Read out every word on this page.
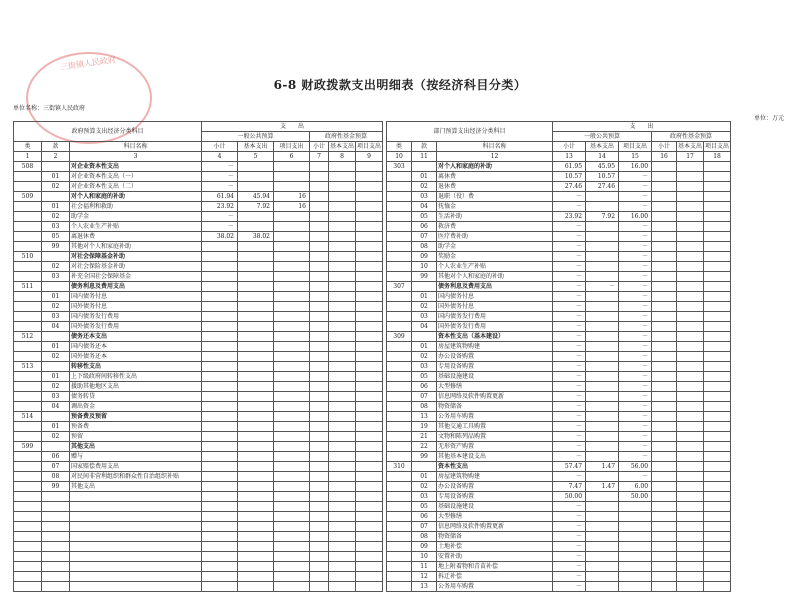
三街镇人民政府
6-8 财政拨款支出明细表（按经济科目分类）
单位名称：三街镇人民政府
单位：万元
政府预算支出经济分类科目			支　　出							部门预算支出经济分类科目			支　　出					
			一般公共预算			政府性基金预算							一般公共预算			政府性基金预算		
类	款	科目名称	小计	基本支出	项目支出	小计	基本支出	项目支出		类	款	科目名称	小计	基本支出	项目支出	小计	基本支出	项目支出
1	2	3	4	5	6	7	8	9		10	11	12	13	14	15	16	17	18
508		对企业资本性支出	－							303		对个人和家庭的补助	61.95	45.95	16.00			
	01	对企业资本性支出（一）	－								01	离休费	10.57	10.57	－			
	02	对企业资本性支出（二）	－								02	退休费	27.46	27.46	－			
509		对个人和家庭的补助	61.94	45.94	16						03	退职（役）费	－		－			
	01	社会福利和救助	23.92	7.92	16						04	抚恤金	－		－			
	02	助学金	－								05	生活补助	23.92	7.92	16.00			
	03	个人农业生产补贴	－								06	救济费	－		－			
	05	离退休费	38.02	38.02							07	医疗费补助	－		－			
	99	其他对个人和家庭补助									08	助学金	－		－			
510		对社会保障基金补助									09	奖励金	－		－			
	02	对社会保险基金补助									10	个人农业生产补贴	－		－			
	03	补充全国社会保障基金									99	其他对个人和家庭的补助	－		－			
511		债务利息及费用支出								307		债务利息及费用支出	－	－	－			
	01	国内债务付息									01	国内债务付息	－		－			
	02	国外债务付息									02	国外债务付息	－		－			
	03	国内债务发行费用									03	国内债务发行费用	－		－			
	04	国外债务发行费用									04	国外债务发行费用	－		－			
512		债务还本支出								309		资本性支出（基本建设）	－		－			
	01	国内债务还本									01	房屋建筑物购建	－		－			
	02	国外债务还本									02	办公设备购置	－		－			
513		转移性支出									03	专用设备购置	－		－			
	01	上下级政府间转移性支出									05	基础设施建设	－		－			
	02	援助其他地区支出									06	大型修缮	－		－			
	03	债务转贷									07	信息网络及软件购置更新	－		－			
	04	调出资金									08	物资储备	－		－			
514		预备费及预留									13	公务用车购置	－		－			
	01	预备费									19	其他交通工具购置	－		－			
	02	预留									21	文物和陈列品购置	－		－			
599		其他支出									22	无形资产购置	－		－			
	06	赠与									99	其他基本建设支出	－		－			
	07	国家赔偿费用支出								310		资本性支出	57.47	1.47	56.00			
	08	对民间非营利组织和群众性自治组织补贴									01	房屋建筑物购建	－		－			
	99	其他支出									02	办公设备购置	7.47	1.47	6.00			
											03	专用设备购置	50.00		50.00			
											05	基础设施建设	－					
											06	大型修缮	－					
											07	信息网络及软件购置更新	－					
											08	物资储备	－					
											09	土地补偿	－					
											10	安置补助	－					
											11	地上附着物和青苗补偿	－					
											12	拆迁补偿	－					
											13	公务用车购置	－					
